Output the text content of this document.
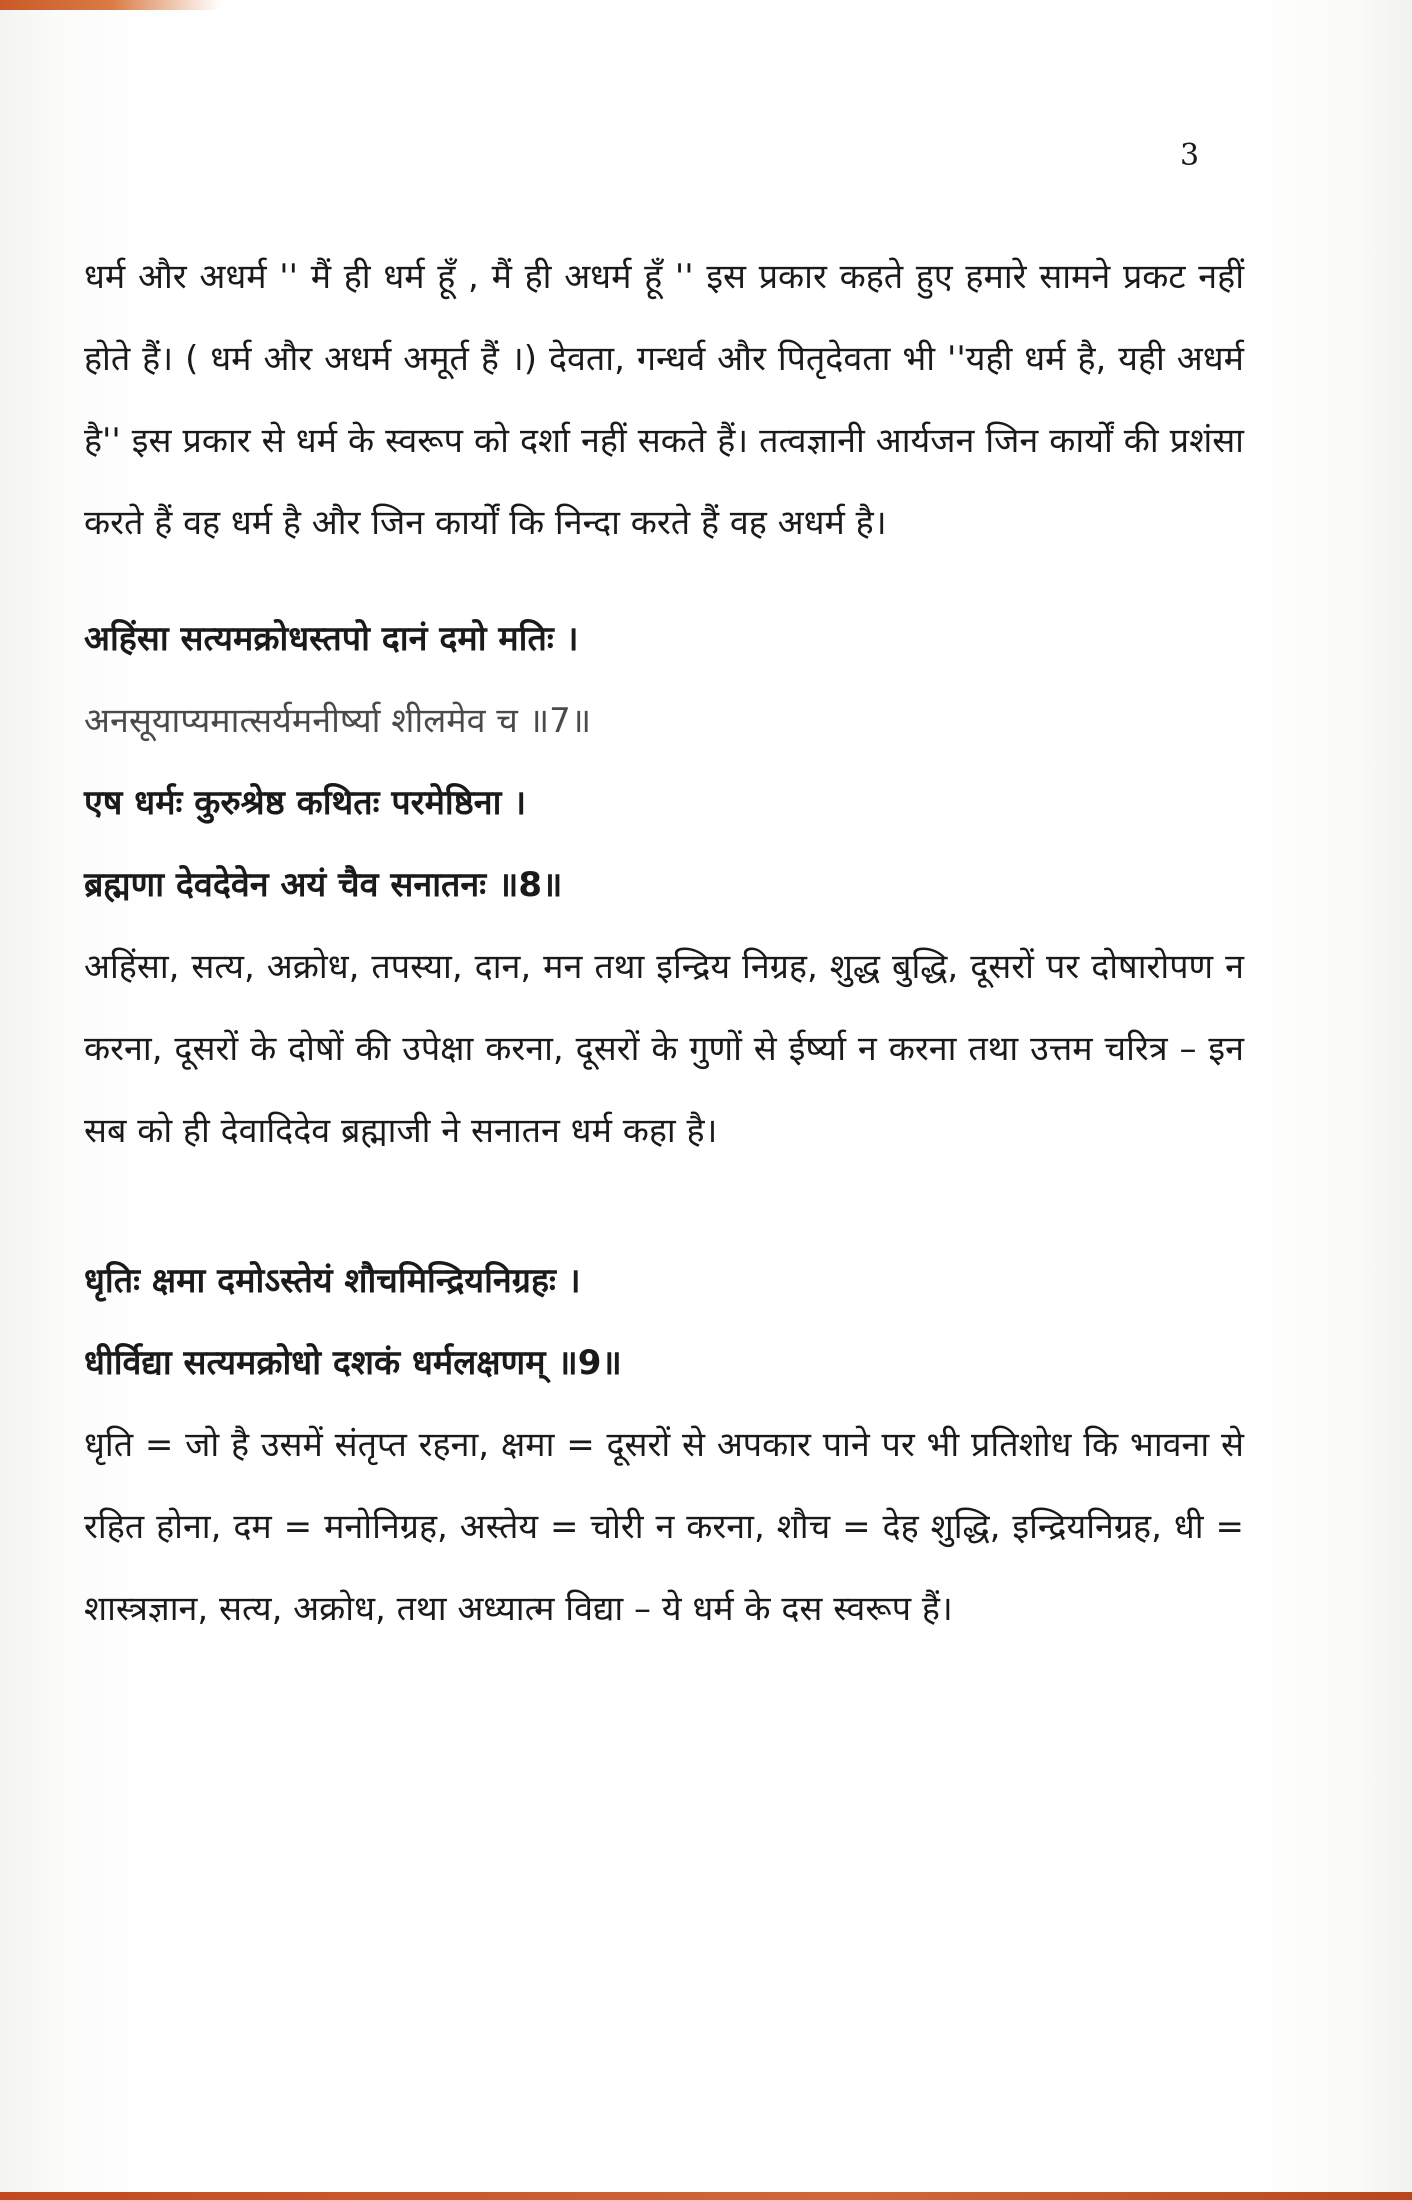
3

धर्म और अधर्म '' मैं ही धर्म हूँ , मैं ही अधर्म हूँ '' इस प्रकार कहते हुए हमारे सामने प्रकट नहीं होते हैं। ( धर्म और अधर्म अमूर्त हैं ।) देवता, गन्धर्व और पितृदेवता भी ''यही धर्म है, यही अधर्म है'' इस प्रकार से धर्म के स्वरूप को दर्शा नहीं सकते हैं। तत्वज्ञानी आर्यजन जिन कार्यों की प्रशंसा करते हैं वह धर्म है और जिन कार्यों कि निन्दा करते हैं वह अधर्म है।

अहिंसा सत्यमक्रोधस्तपो दानं दमो मतिः ।

अनसूयाप्यमात्सर्यमनीर्ष्या शीलमेव च ॥7॥

एष धर्मः कुरुश्रेष्ठ कथितः परमेष्ठिना ।

ब्रह्मणा देवदेवेन अयं चैव सनातनः ॥8॥

अहिंसा, सत्य, अक्रोध, तपस्या, दान, मन तथा इन्द्रिय निग्रह, शुद्ध बुद्धि, दूसरों पर दोषारोपण न करना, दूसरों के दोषों की उपेक्षा करना, दूसरों के गुणों से ईर्ष्या न करना तथा उत्तम चरित्र – इन सब को ही देवादिदेव ब्रह्माजी ने सनातन धर्म कहा है।

धृतिः क्षमा दमोऽस्तेयं शौचमिन्द्रियनिग्रहः ।

धीर्विद्या सत्यमक्रोधो दशकं धर्मलक्षणम् ॥9॥

धृति = जो है उसमें संतृप्त रहना, क्षमा = दूसरों से अपकार पाने पर भी प्रतिशोध कि भावना से रहित होना, दम = मनोनिग्रह, अस्तेय = चोरी न करना, शौच = देह शुद्धि, इन्द्रियनिग्रह, धी = शास्त्रज्ञान, सत्य, अक्रोध, तथा अध्यात्म विद्या – ये धर्म के दस स्वरूप हैं।
